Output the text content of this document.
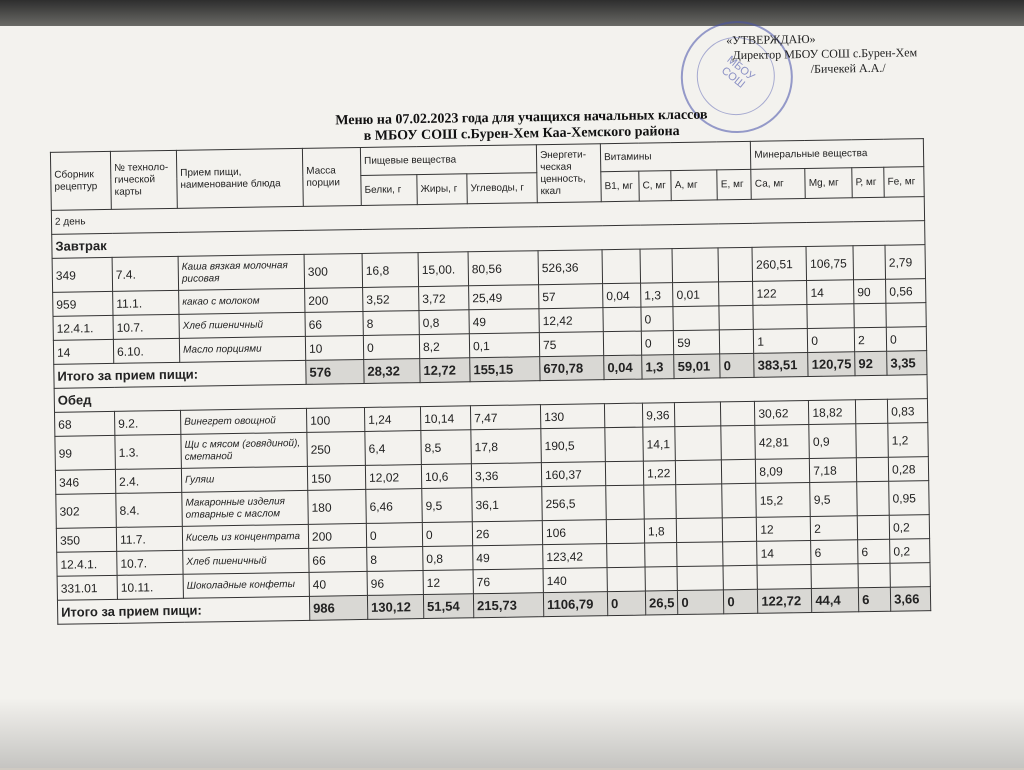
МБОУ СОШ
«УТВЕРЖДАЮ»
Директор МБОУ СОШ с.Бурен-Хем
/Бичекей А.А./
Меню на 07.02.2023 года для учащихся начальных классов
в МБОУ СОШ с.Бурен-Хем Каа-Хемского района
Сборник рецептур	№ техноло-гической карты	Прием пищи, наименование блюда	Масса порции	Пищевые вещества			Энергети-ческая ценность, ккал	Витамины				Минеральные вещества			
				Белки, г	Жиры, г	Углеводы, г		В1, мг	С, мг	А, мг	Е, мг	Са, мг	Mg, мг	Р, мг	Fe, мг
2 день															
Завтрак															
349	7.4.	Каша вязкая молочная рисовая	300	16,8	15,00.	80,56	526,36					260,51	106,75		2,79
959	11.1.	какао с молоком	200	3,52	3,72	25,49	57	0,04	1,3	0,01		122	14	90	0,56
12.4.1.	10.7.	Хлеб пшеничный	66	8	0,8	49	12,42		0						
14	6.10.	Масло порциями	10	0	8,2	0,1	75		0	59		1	0	2	0
Итого за прием пищи:			576	28,32	12,72	155,15	670,78	0,04	1,3	59,01	0	383,51	120,75	92	3,35
Обед															
68	9.2.	Винегрет овощной	100	1,24	10,14	7,47	130		9,36			30,62	18,82		0,83
99	1.3.	Щи с мясом (говядиной), сметаной	250	6,4	8,5	17,8	190,5		14,1			42,81	0,9		1,2
346	2.4.	Гуляш	150	12,02	10,6	3,36	160,37		1,22			8,09	7,18		0,28
302	8.4.	Макаронные изделия отварные с маслом	180	6,46	9,5	36,1	256,5					15,2	9,5		0,95
350	11.7.	Кисель из концентрата	200	0	0	26	106		1,8			12	2		0,2
12.4.1.	10.7.	Хлеб пшеничный	66	8	0,8	49	123,42					14	6	6	0,2
331.01	10.11.	Шоколадные конфеты	40	96	12	76	140								
Итого за прием пищи:			986	130,12	51,54	215,73	1106,79	0	26,5	0	0	122,72	44,4	6	3,66
